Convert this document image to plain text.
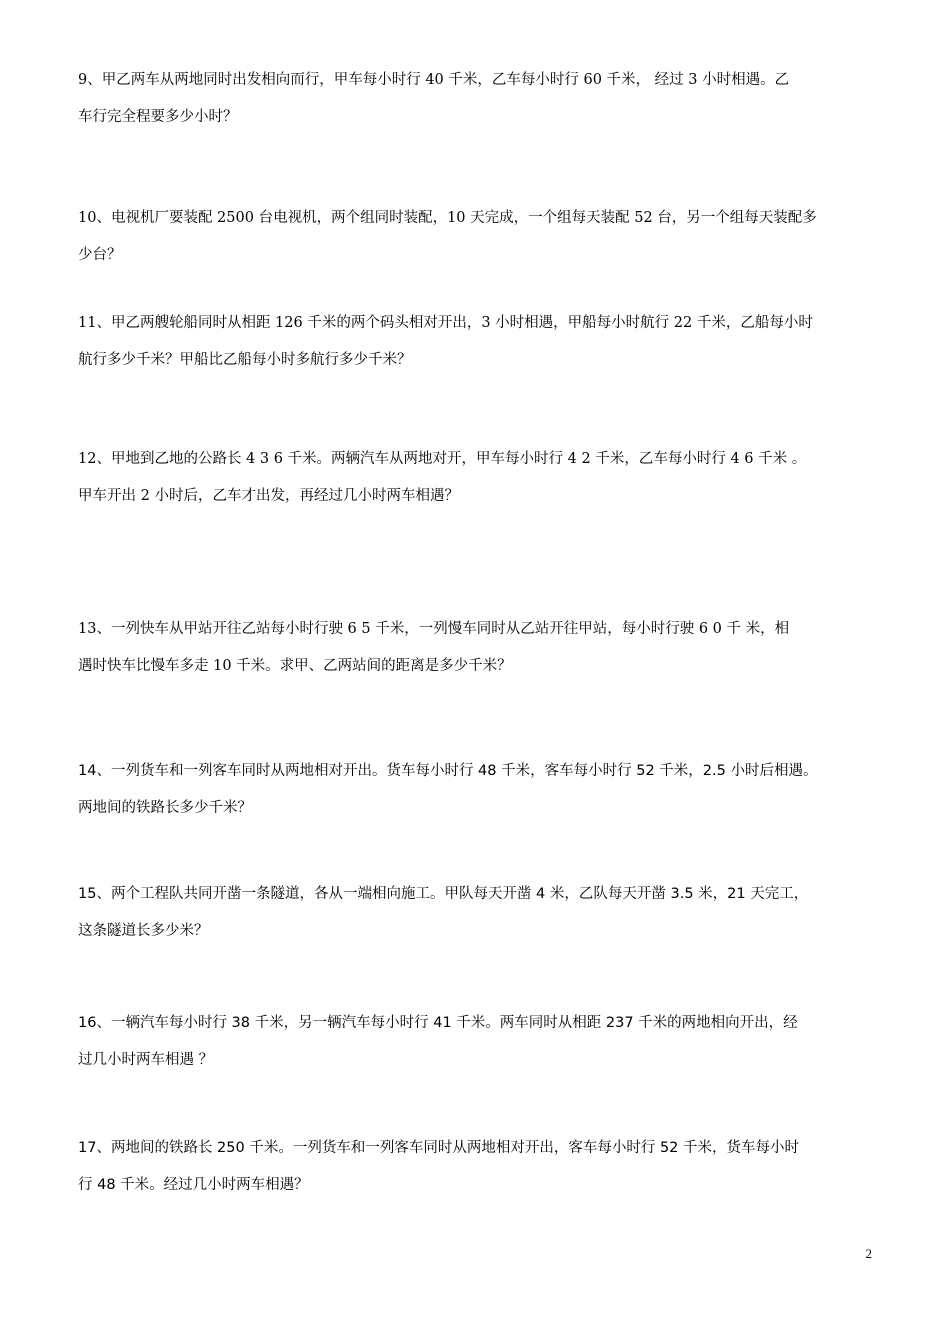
9、甲乙两车从两地同时出发相向而行，甲车每小时行 40 千米，乙车每小时行 60 千米， 经过 3 小时相遇。乙
车行完全程要多少小时？
10、电视机厂要装配 2500 台电视机，两个组同时装配，10 天完成，一个组每天装配 52 台，另一个组每天装配多
少台？
11、甲乙两艘轮船同时从相距 126 千米的两个码头相对开出，3 小时相遇，甲船每小时航行 22 千米，乙船每小时
航行多少千米？甲船比乙船每小时多航行多少千米？
12、甲地到乙地的公路长 4 3 6 千米。两辆汽车从两地对开，甲车每小时行 4 2 千米，乙车每小时行 4 6 千米 。
甲车开出 2 小时后，乙车才出发，再经过几小时两车相遇？
13、一列快车从甲站开往乙站每小时行驶 6 5 千米，一列慢车同时从乙站开往甲站，每小时行驶 6 0 千 米，相
遇时快车比慢车多走 10 千米。求甲、乙两站间的距离是多少千米？
14、一列货车和一列客车同时从两地相对开出。货车每小时行 48 千米，客车每小时行 52 千米，2.5 小时后相遇。
两地间的铁路长多少千米？
15、两个工程队共同开凿一条隧道，各从一端相向施工。甲队每天开凿 4 米，乙队每天开凿 3.5 米，21 天完工，
这条隧道长多少米？
16、一辆汽车每小时行 38 千米，另一辆汽车每小时行 41 千米。两车同时从相距 237 千米的两地相向开出，经
过几小时两车相遇 ？
17、两地间的铁路长 250 千米。一列货车和一列客车同时从两地相对开出，客车每小时行 52 千米，货车每小时
行 48 千米。经过几小时两车相遇？
2
